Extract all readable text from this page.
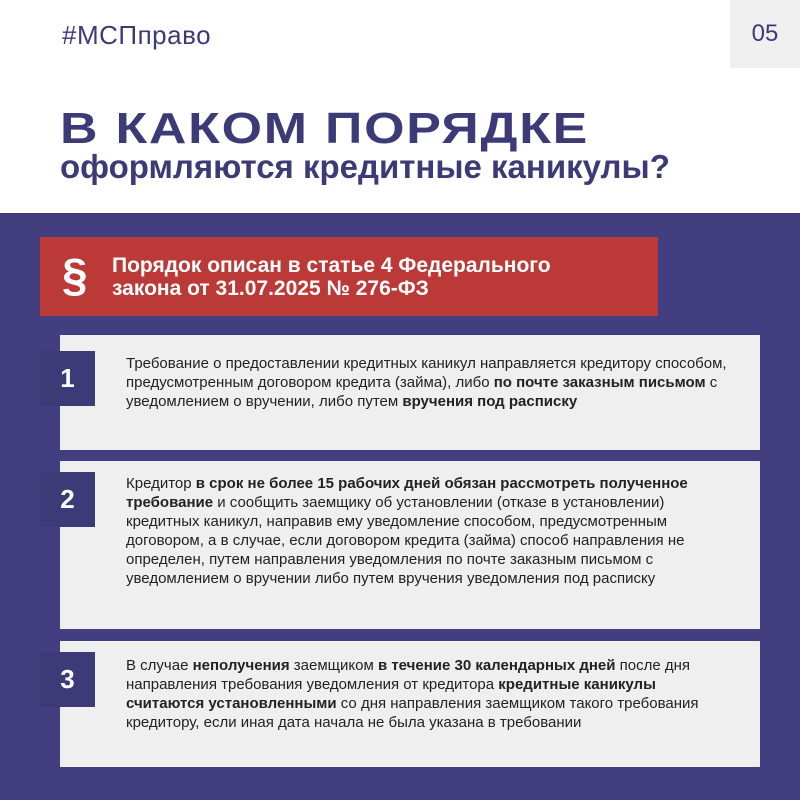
#МСПправо	05
В КАКОМ ПОРЯДКЕ
оформляются кредитные каникулы?
§ Порядок описан в статье 4 Федерального
закона от 31.07.2025 № 276-ФЗ
1	Требование о предоставлении кредитных каникул направляется кредитору способом, предусмотренным договором кредита (займа), либо по почте заказным письмом с уведомлением о вручении, либо путем вручения под расписку
2
Кредитор в срок не более 15 рабочих дней обязан рассмотреть полученное требование и сообщить заемщику об установлении (отказе в установлении) кредитных каникул, направив ему уведомление способом, предусмотренным договором, а в случае, если договором кредита (займа) способ направления не определен, путем направления уведомления по почте заказным письмом с уведомлением о вручении либо путем вручения уведомления под расписку
3	В случае неполучения заемщиком в течение 30 календарных дней после дня направления требования уведомления от кредитора кредитные каникулы считаются установленными со дня направления заемщиком такого требования кредитору, если иная дата начала не была указана в требовании
